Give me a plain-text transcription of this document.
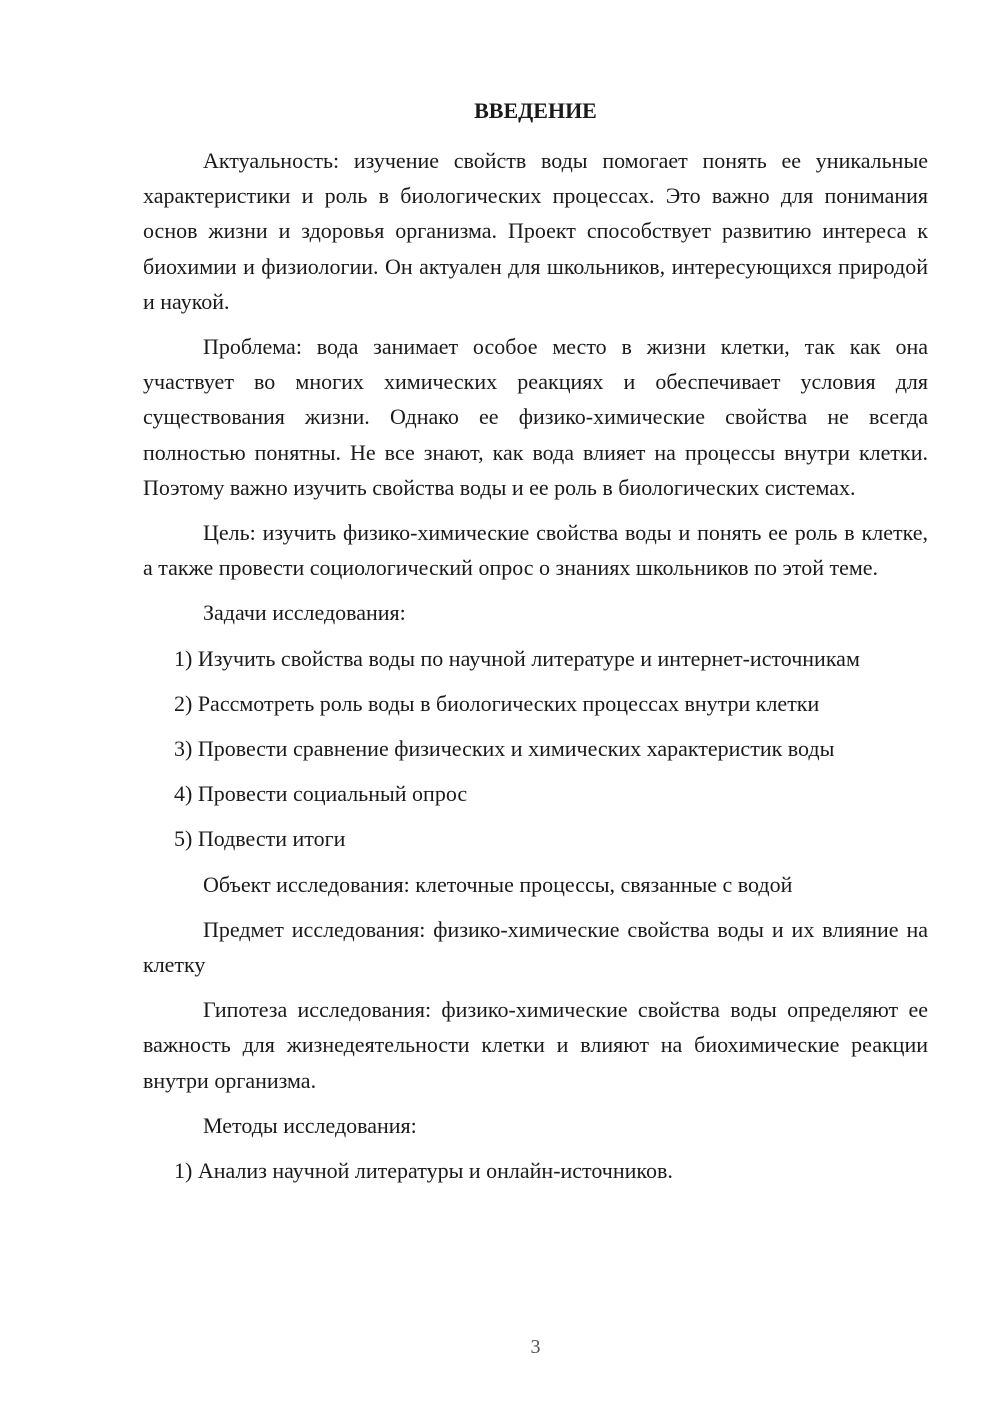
ВВЕДЕНИЕ

Актуальность: изучение свойств воды помогает понять ее уникальные характеристики и роль в биологических процессах. Это важно для понимания основ жизни и здоровья организма. Проект способствует развитию интереса к биохимии и физиологии. Он актуален для школьников, интересующихся природой и наукой.

Проблема: вода занимает особое место в жизни клетки, так как она участвует во многих химических реакциях и обеспечивает условия для существования жизни. Однако ее физико-химические свойства не всегда полностью понятны. Не все знают, как вода влияет на процессы внутри клетки. Поэтому важно изучить свойства воды и ее роль в биологических системах.

Цель: изучить физико-химические свойства воды и понять ее роль в клетке, а также провести социологический опрос о знаниях школьников по этой теме.

Задачи исследования:

1) Изучить свойства воды по научной литературе и интернет-источникам

2) Рассмотреть роль воды в биологических процессах внутри клетки

3) Провести сравнение физических и химических характеристик воды

4) Провести социальный опрос

5) Подвести итоги

Объект исследования: клеточные процессы, связанные с водой

Предмет исследования: физико-химические свойства воды и их влияние на клетку

Гипотеза исследования: физико-химические свойства воды определяют ее важность для жизнедеятельности клетки и влияют на биохимические реакции внутри организма.

Методы исследования:

1) Анализ научной литературы и онлайн-источников.

3
